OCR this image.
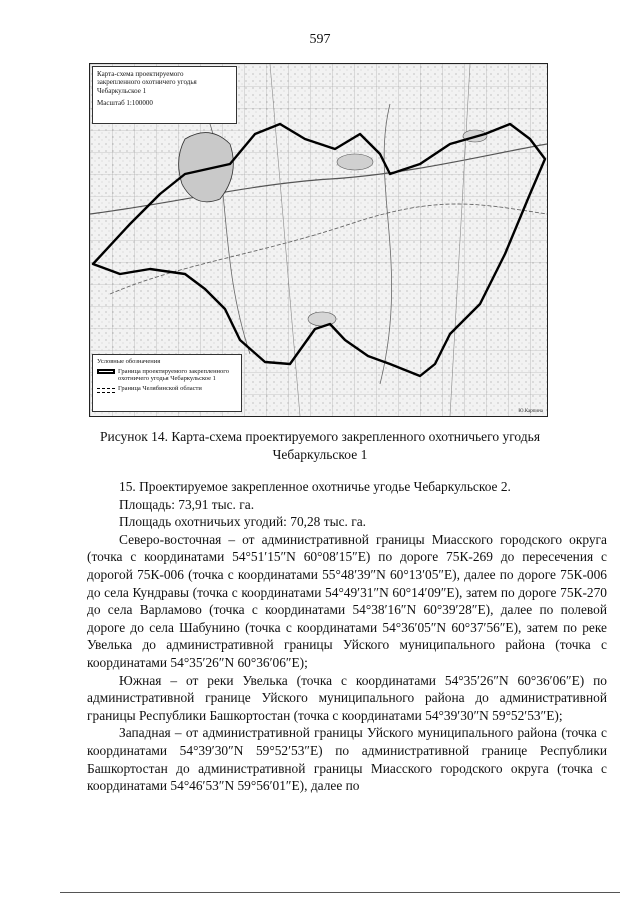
597
Карта-схема проектируемого
закрепленного охотничего угодья
Чебаркульское 1
Масштаб 1:100000
Условные обозначения
Граница проектируемого закрепленного охотничего угодья Чебаркульское 1
Граница Челябинской области
Ю.Карпина
Рисунок 14. Карта-схема проектируемого закрепленного охотничьего угодья
Чебаркульское 1

15. Проектируемое закрепленное охотничье угодье Чебаркульское 2.

Площадь: 73,91 тыс. га.

Площадь охотничьих угодий: 70,28 тыс. га.

Северо-восточная – от административной границы Миасского городского округа (точка с координатами 54°51′15″N 60°08′15″E) по дороге 75К-269 до пересечения с дорогой 75К-006 (точка с координатами 55°48′39″N 60°13′05″E), далее по дороге 75К-006 до села Кундравы (точка с координатами 54°49′31″N 60°14′09″E), затем по дороге 75К-270 до села Варламово (точка с координатами 54°38′16″N 60°39′28″E), далее по полевой дороге до села Шабунино (точка с координатами 54°36′05″N 60°37′56″E), затем по реке Увелька до административной границы Уйского муниципального района (точка с координатами 54°35′26″N 60°36′06″E);

Южная – от реки Увелька (точка с координатами 54°35′26″N 60°36′06″E) по административной границе Уйского муниципального района до административной границы Республики Башкортостан (точка с координатами 54°39′30″N 59°52′53″E);

Западная – от административной границы Уйского муниципального района (точка с координатами 54°39′30″N 59°52′53″E) по административной границе Республики Башкортостан до административной границы Миасского городского округа (точка с координатами 54°46′53″N 59°56′01″E), далее по
